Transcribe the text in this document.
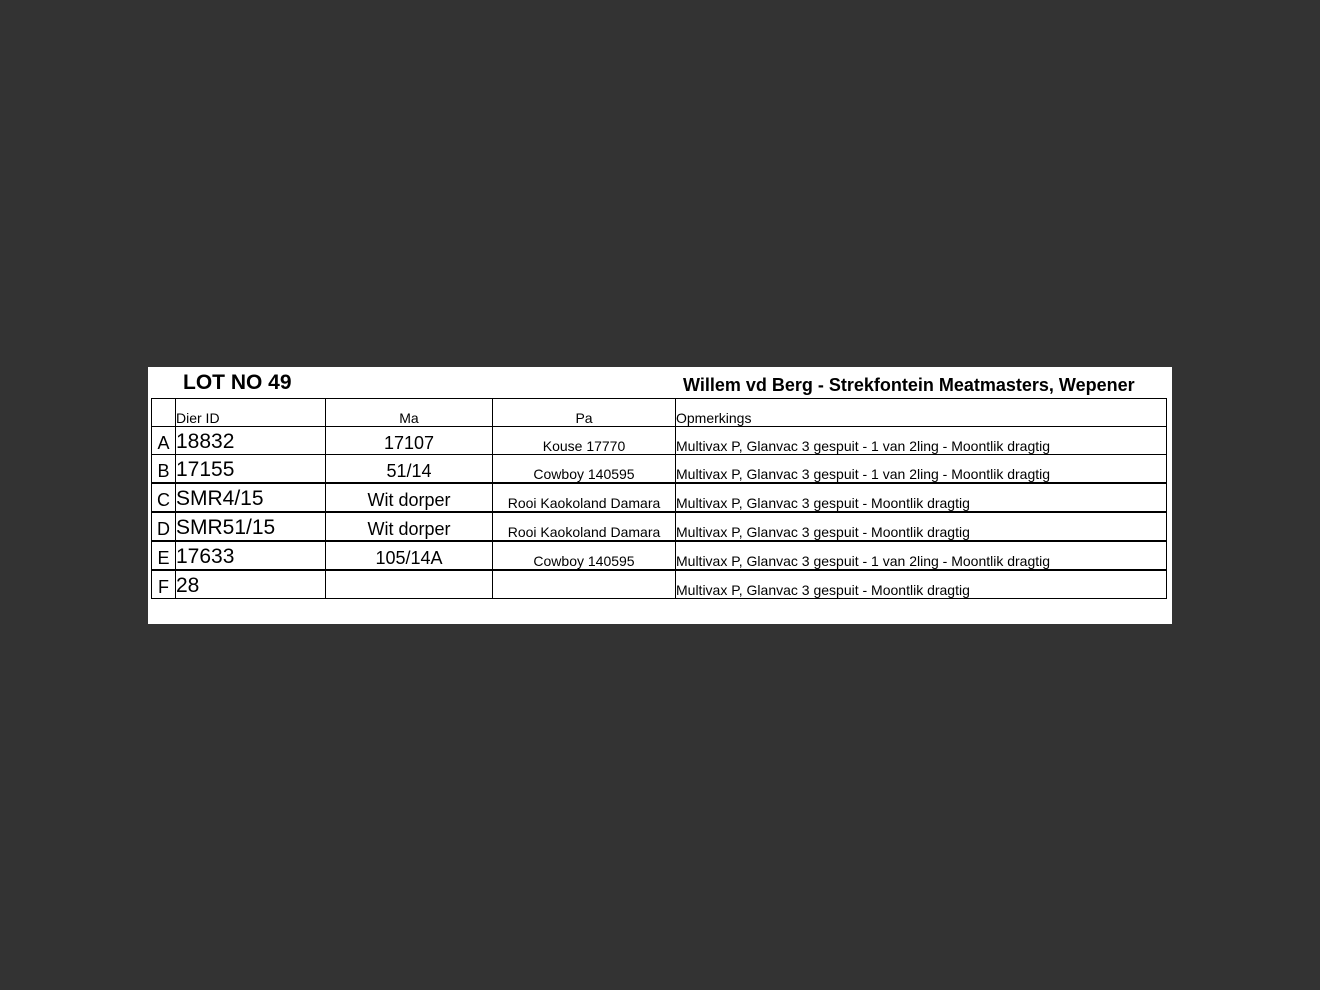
LOT NO 49	Willem vd Berg - Strekfontein Meatmasters, Wepener
	Dier ID	Ma	Pa	Opmerkings
A	18832	17107	Kouse 17770	Multivax P, Glanvac 3 gespuit - 1 van 2ling - Moontlik dragtig
B	17155	51/14	Cowboy 140595	Multivax P, Glanvac 3 gespuit - 1 van 2ling - Moontlik dragtig
C	SMR4/15	Wit dorper	Rooi Kaokoland Damara	Multivax P, Glanvac 3 gespuit - Moontlik dragtig
D	SMR51/15	Wit dorper	Rooi Kaokoland Damara	Multivax P, Glanvac 3 gespuit - Moontlik dragtig
E	17633	105/14A	Cowboy 140595	Multivax P, Glanvac 3 gespuit - 1 van 2ling - Moontlik dragtig
F	28			Multivax P, Glanvac 3 gespuit - Moontlik dragtig
